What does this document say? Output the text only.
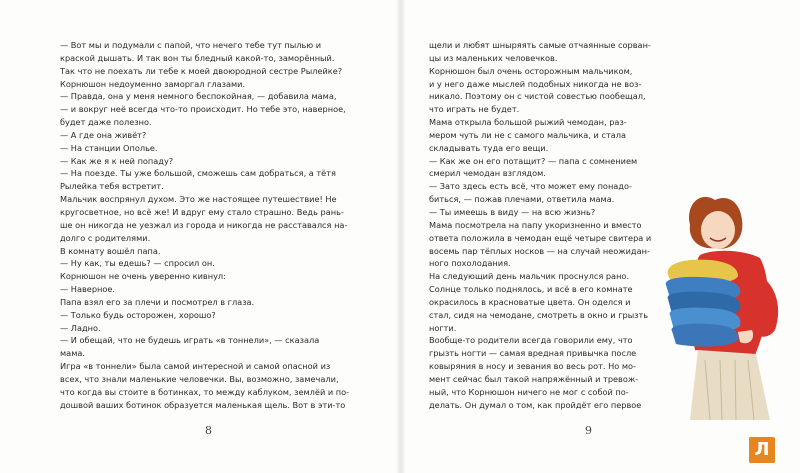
— Вот мы и подумали с папой, что нечего тебе тут пылью и
краской дышать. И так вон ты бледный какой-то, заморённый.
Так что не поехать ли тебе к моей двоюродной сестре Рылейке?
Корнюшон недоуменно заморгал глазами.
— Правда, она у меня немного беспокойная, — добавила мама,
— и вокруг неё всегда что-то происходит. Но тебе это, наверное,
будет даже полезно.
— А где она живёт?
— На станции Опольe.
— Как же я к ней попаду?
— На поезде. Ты уже большой, сможешь сам добраться, а тётя
Рылейка тебя встретит.
Мальчик воспрянул духом. Это же настоящее путешествие! Не
кругосветное, но всё же! И вдруг ему стало страшно. Ведь рань-
ше он никогда не уезжал из города и никогда не расставался на-
долго с родителями.
В комнату вошёл папа.
— Ну как, ты едешь? — спросил он.
Корнюшон не очень уверенно кивнул:
— Наверное.
Папа взял его за плечи и посмотрел в глаза.
— Только будь осторожен, хорошо?
— Ладно.
— И обещай, что не будешь играть «в тоннели», — сказала
мама.
Игра «в тоннели» была самой интересной и самой опасной из
всех, что знали маленькие человечки. Вы, возможно, замечали,
что когда вы стоите в ботинках, то между каблуком, землёй и по-
дошвой ваших ботинок образуется маленькая щель. Вот в эти-то
8
щели и любят шныряять самые отчаянные сорван-
цы из маленьких человечков.
Корнюшон был очень осторожным мальчиком,
и у него даже мыслей подобных никогда не воз-
никало. Поэтому он с чистой совестью пообещал,
что играть не будет.
Мама открыла большой рыжий чемодан, раз-
мером чуть ли не с самого мальчика, и стала
складывать туда его вещи.
— Как же он его потащит? — папа с сомнением
смерил чемодан взглядом.
— Зато здесь есть всё, что может ему понадо-
биться, — пожав плечами, ответила мама.
— Ты имеешь в виду — на всю жизнь?
Мама посмотрела на папу укоризненно и вместо
ответа положила в чемодан ещё четыре свитера и
восемь пар тёплых носков — на случай неожидан-
ного похолодания.
На следующий день мальчик проснулся рано.
Солнце только поднялось, и всё в его комнате
окрасилось в красноватые цвета. Он оделся и
стал, сидя на чемодане, смотреть в окно и грызть
ногти.
Вообще-то родители всегда говорили ему, что
грызть ногти — самая вредная привычка после
ковыряния в носу и зевания во весь рот. Но мо-
мент сейчас был такой напряжённый и тревож-
ный, что Корнюшон ничего не мог с собой по-
делать. Он думал о том, как пройдёт его первое
9
Л
